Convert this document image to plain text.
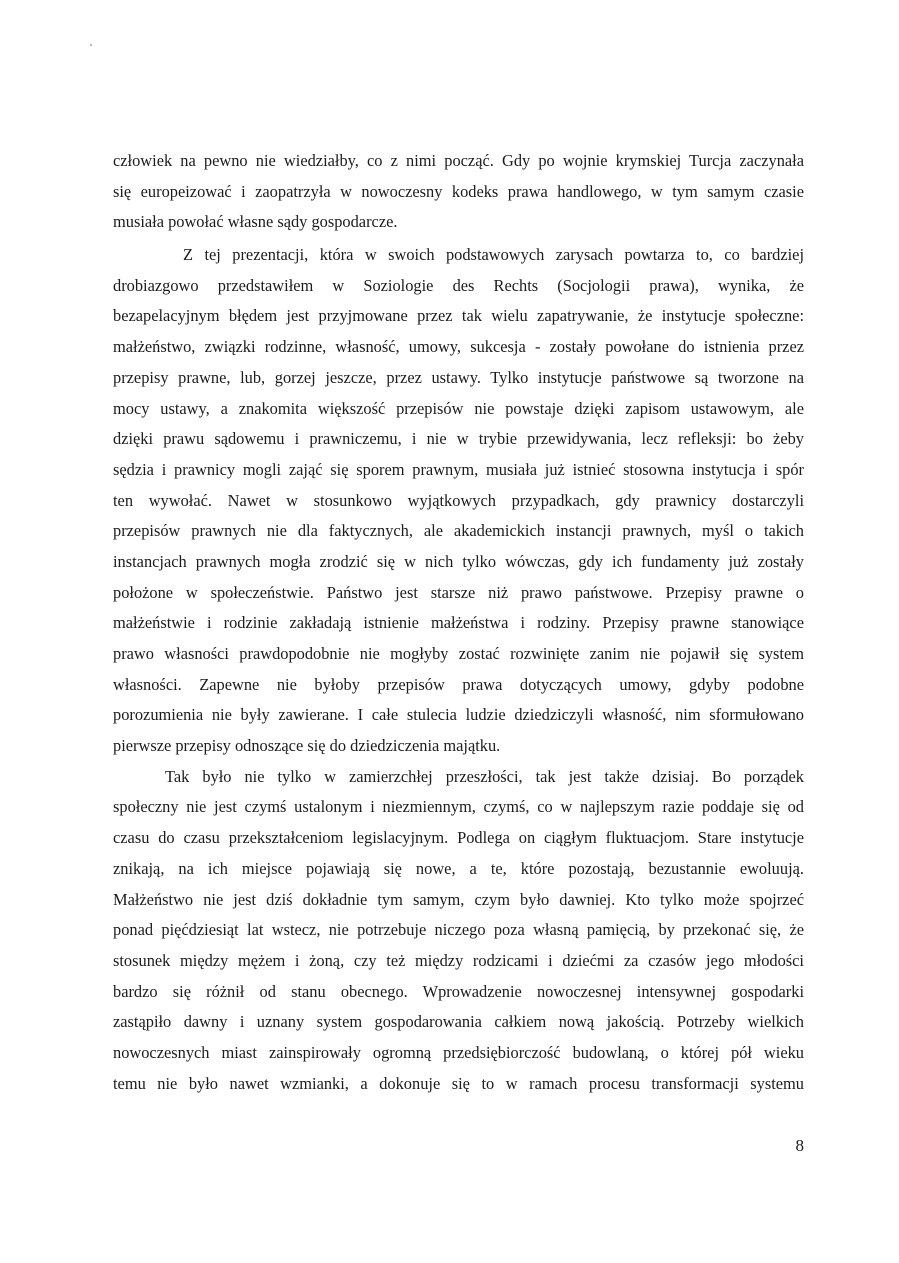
człowiek na pewno nie wiedziałby, co z nimi począć. Gdy po wojnie krymskiej Turcja zaczynała
się europeizować i zaopatrzyła w nowoczesny kodeks prawa handlowego, w tym samym czasie
musiała powołać własne sądy gospodarcze.
Z tej prezentacji, która w swoich podstawowych zarysach powtarza to, co bardziej
drobiazgowo przedstawiłem w Soziologie des Rechts (Socjologii prawa), wynika, że
bezapelacyjnym błędem jest przyjmowane przez tak wielu zapatrywanie, że instytucje społeczne:
małżeństwo, związki rodzinne, własność, umowy, sukcesja - zostały powołane do istnienia przez
przepisy prawne, lub, gorzej jeszcze, przez ustawy. Tylko instytucje państwowe są tworzone na
mocy ustawy, a znakomita większość przepisów nie powstaje dzięki zapisom ustawowym, ale
dzięki prawu sądowemu i prawniczemu, i nie w trybie przewidywania, lecz refleksji: bo żeby
sędzia i prawnicy mogli zająć się sporem prawnym, musiała już istnieć stosowna instytucja i spór
ten wywołać. Nawet w stosunkowo wyjątkowych przypadkach, gdy prawnicy dostarczyli
przepisów prawnych nie dla faktycznych, ale akademickich instancji prawnych, myśl o takich
instancjach prawnych mogła zrodzić się w nich tylko wówczas, gdy ich fundamenty już zostały
położone w społeczeństwie. Państwo jest starsze niż prawo państwowe. Przepisy prawne o
małżeństwie i rodzinie zakładają istnienie małżeństwa i rodziny. Przepisy prawne stanowiące
prawo własności prawdopodobnie nie mogłyby zostać rozwinięte zanim nie pojawił się system
własności. Zapewne nie byłoby przepisów prawa dotyczących umowy, gdyby podobne
porozumienia nie były zawierane. I całe stulecia ludzie dziedziczyli własność, nim sformułowano
pierwsze przepisy odnoszące się do dziedziczenia majątku.
Tak było nie tylko w zamierzchłej przeszłości, tak jest także dzisiaj. Bo porządek
społeczny nie jest czymś ustalonym i niezmiennym, czymś, co w najlepszym razie poddaje się od
czasu do czasu przekształceniom legislacyjnym. Podlega on ciągłym fluktuacjom. Stare instytucje
znikają, na ich miejsce pojawiają się nowe, a te, które pozostają, bezustannie ewoluują.
Małżeństwo nie jest dziś dokładnie tym samym, czym było dawniej. Kto tylko może spojrzeć
ponad pięćdziesiąt lat wstecz, nie potrzebuje niczego poza własną pamięcią, by przekonać się, że
stosunek między mężem i żoną, czy też między rodzicami i dziećmi za czasów jego młodości
bardzo się różnił od stanu obecnego. Wprowadzenie nowoczesnej intensywnej gospodarki
zastąpiło dawny i uznany system gospodarowania całkiem nową jakością. Potrzeby wielkich
nowoczesnych miast zainspirowały ogromną przedsiębiorczość budowlaną, o której pół wieku
temu nie było nawet wzmianki, a dokonuje się to w ramach procesu transformacji systemu
8
